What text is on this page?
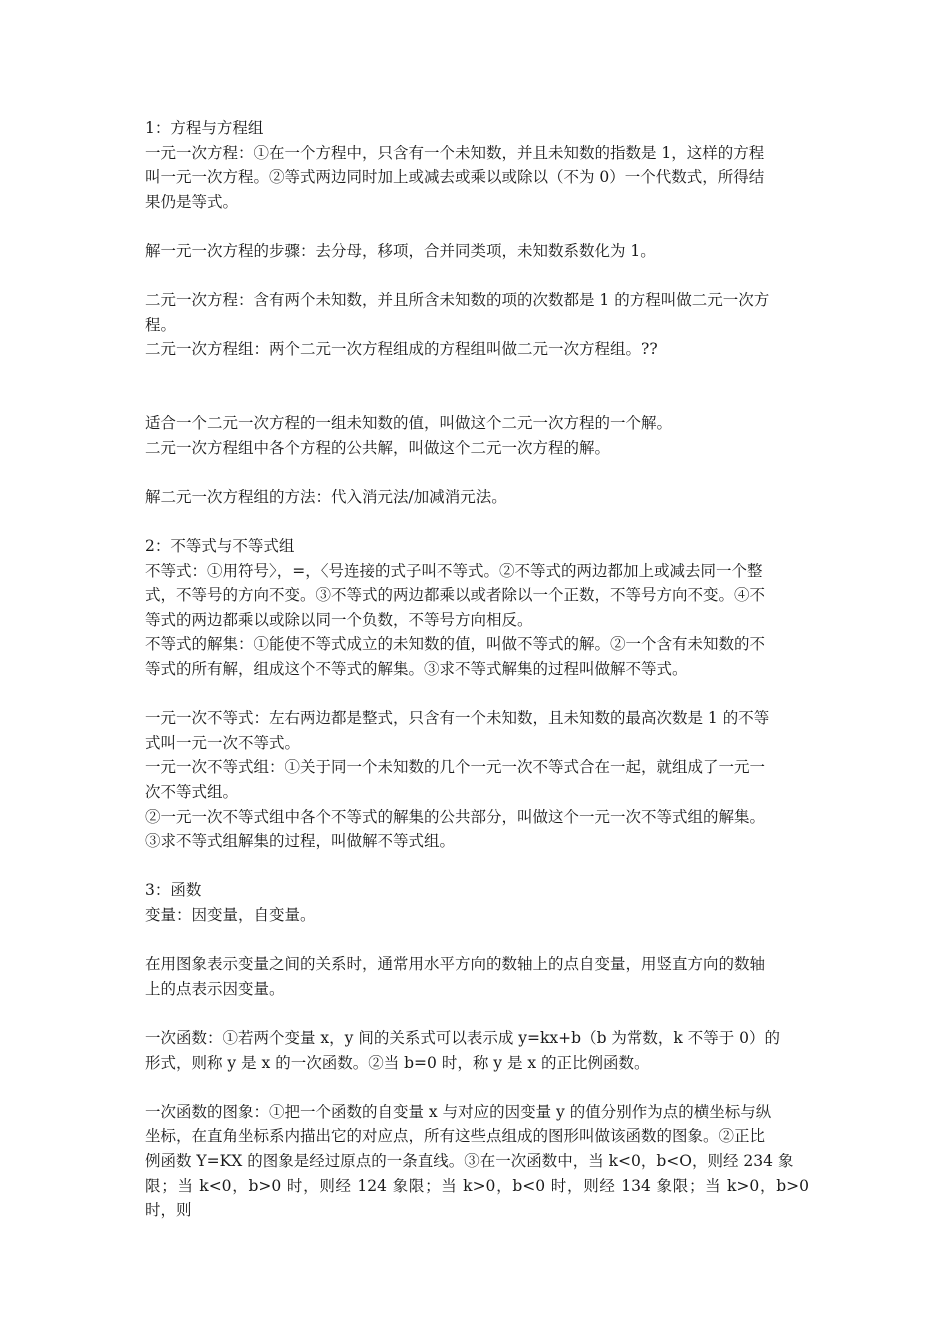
1：方程与方程组
一元一次方程：①在一个方程中，只含有一个未知数，并且未知数的指数是 1，这样的方程
叫一元一次方程。②等式两边同时加上或减去或乘以或除以（不为 0）一个代数式，所得结
果仍是等式。
解一元一次方程的步骤：去分母，移项，合并同类项，未知数系数化为 1。
二元一次方程：含有两个未知数，并且所含未知数的项的次数都是 1 的方程叫做二元一次方
程。
二元一次方程组：两个二元一次方程组成的方程组叫做二元一次方程组。??
适合一个二元一次方程的一组未知数的值，叫做这个二元一次方程的一个解。
二元一次方程组中各个方程的公共解，叫做这个二元一次方程的解。
解二元一次方程组的方法：代入消元法/加减消元法。
2：不等式与不等式组
不等式：①用符号〉，=，〈号连接的式子叫不等式。②不等式的两边都加上或减去同一个整
式，不等号的方向不变。③不等式的两边都乘以或者除以一个正数，不等号方向不变。④不
等式的两边都乘以或除以同一个负数，不等号方向相反。
不等式的解集：①能使不等式成立的未知数的值，叫做不等式的解。②一个含有未知数的不
等式的所有解，组成这个不等式的解集。③求不等式解集的过程叫做解不等式。
一元一次不等式：左右两边都是整式，只含有一个未知数，且未知数的最高次数是 1 的不等
式叫一元一次不等式。
一元一次不等式组：①关于同一个未知数的几个一元一次不等式合在一起，就组成了一元一
次不等式组。
②一元一次不等式组中各个不等式的解集的公共部分，叫做这个一元一次不等式组的解集。
③求不等式组解集的过程，叫做解不等式组。
3：函数
变量：因变量，自变量。
在用图象表示变量之间的关系时，通常用水平方向的数轴上的点自变量，用竖直方向的数轴
上的点表示因变量。
一次函数：①若两个变量 x，y 间的关系式可以表示成 y=kx+b（b 为常数，k 不等于 0）的
形式，则称 y 是 x 的一次函数。②当 b=0 时，称 y 是 x 的正比例函数。
一次函数的图象：①把一个函数的自变量 x 与对应的因变量 y 的值分别作为点的横坐标与纵
坐标，在直角坐标系内描出它的对应点，所有这些点组成的图形叫做该函数的图象。②正比
例函数 Y=KX 的图象是经过原点的一条直线。③在一次函数中，当 k<0，b<O，则经 234 象
限；当 k<0，b>0 时，则经 124 象限；当 k>0，b<0 时，则经 134 象限；当 k>0，b>0 时，则
